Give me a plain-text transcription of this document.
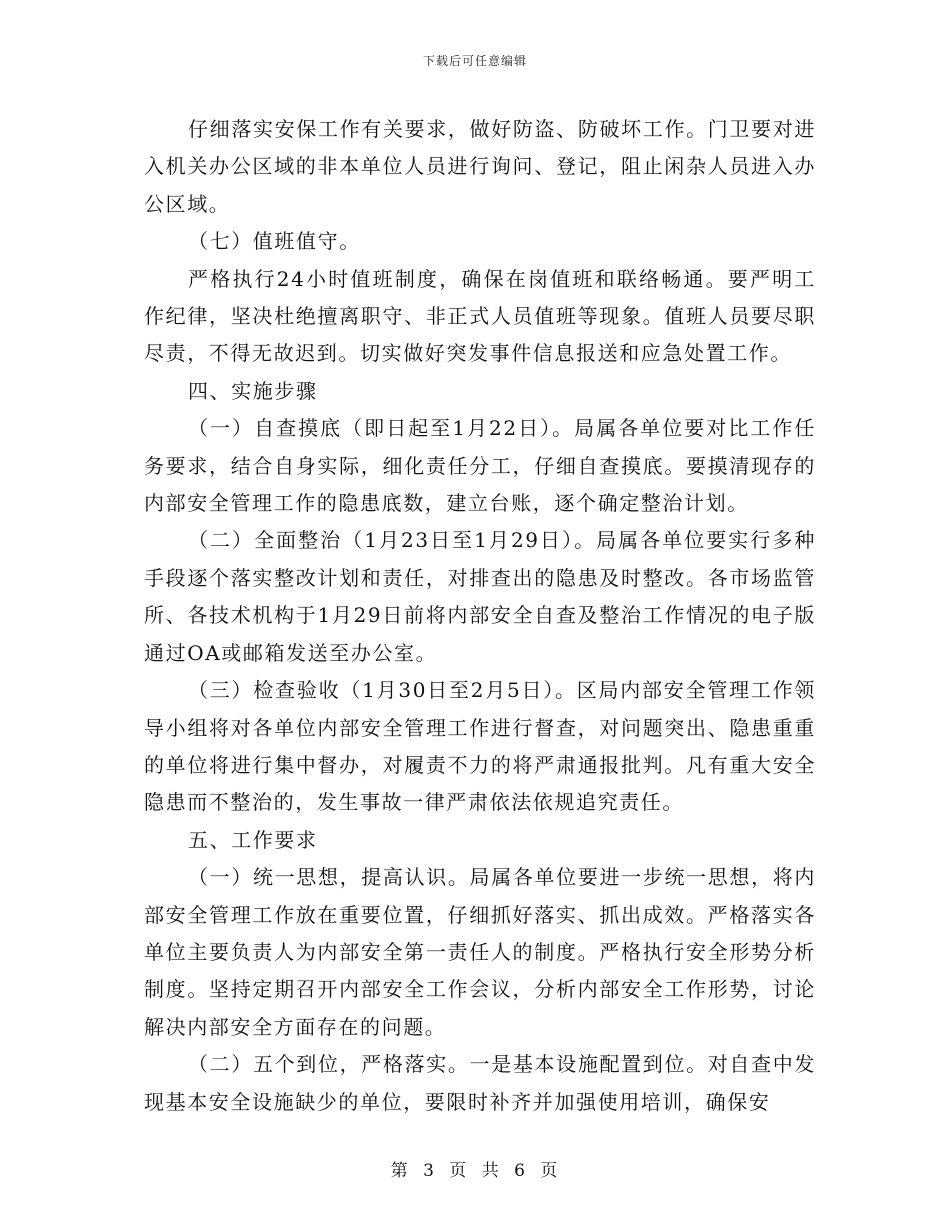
下载后可任意编辑

仔细落实安保工作有关要求，做好防盗、防破坏工作。门卫要对进入机关办公区域的非本单位人员进行询问、登记，阻止闲杂人员进入办公区域。

（七）值班值守。

严格执行24小时值班制度，确保在岗值班和联络畅通。要严明工作纪律，坚决杜绝擅离职守、非正式人员值班等现象。值班人员要尽职尽责，不得无故迟到。切实做好突发事件信息报送和应急处置工作。

四、实施步骤

（一）自查摸底（即日起至1月22日）。局属各单位要对比工作任务要求，结合自身实际，细化责任分工，仔细自查摸底。要摸清现存的内部安全管理工作的隐患底数，建立台账，逐个确定整治计划。

（二）全面整治（1月23日至1月29日）。局属各单位要实行多种手段逐个落实整改计划和责任，对排查出的隐患及时整改。各市场监管所、各技术机构于1月29日前将内部安全自查及整治工作情况的电子版通过OA或邮箱发送至办公室。

（三）检查验收（1月30日至2月5日）。区局内部安全管理工作领导小组将对各单位内部安全管理工作进行督查，对问题突出、隐患重重的单位将进行集中督办，对履责不力的将严肃通报批判。凡有重大安全隐患而不整治的，发生事故一律严肃依法依规追究责任。

五、工作要求

（一）统一思想，提高认识。局属各单位要进一步统一思想，将内部安全管理工作放在重要位置，仔细抓好落实、抓出成效。严格落实各单位主要负责人为内部安全第一责任人的制度。严格执行安全形势分析制度。坚持定期召开内部安全工作会议，分析内部安全工作形势，讨论解决内部安全方面存在的问题。

（二）五个到位，严格落实。一是基本设施配置到位。对自查中发现基本安全设施缺少的单位，要限时补齐并加强使用培训，确保安

第 3 页 共 6 页
